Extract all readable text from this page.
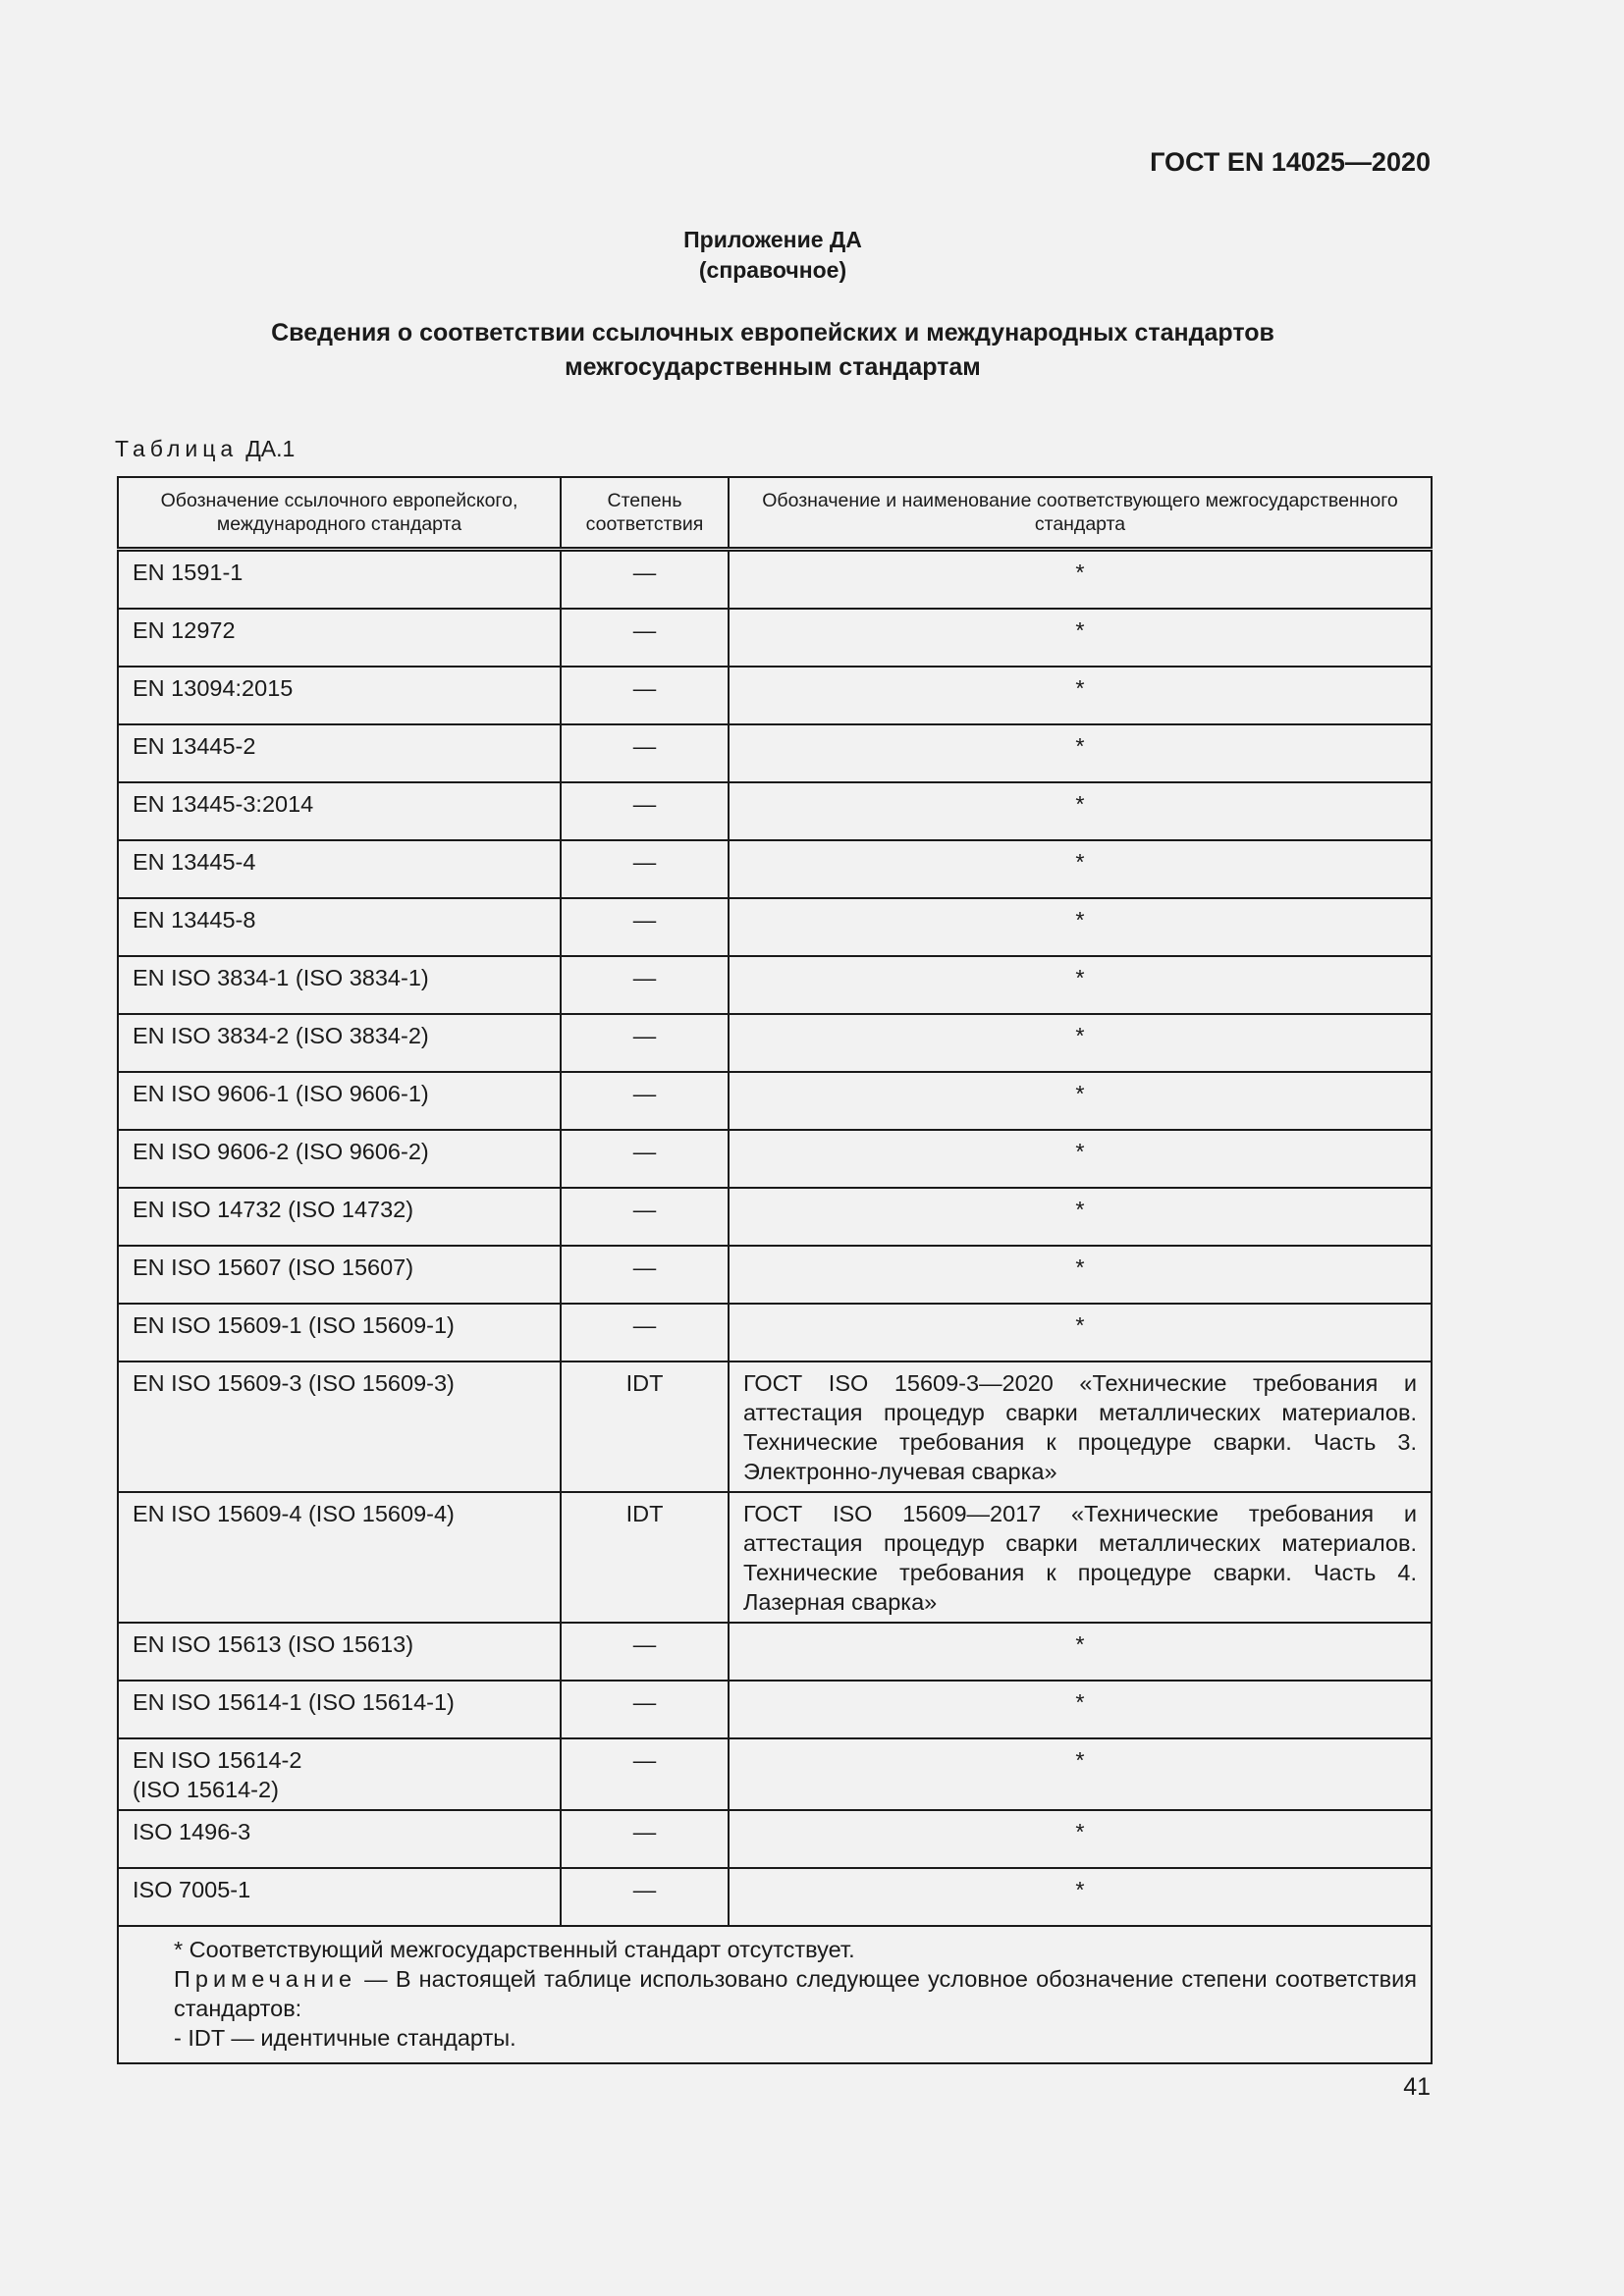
ГОСТ EN 14025—2020
Приложение ДА
(справочное)
Сведения о соответствии ссылочных европейских и международных стандартов
межгосударственным стандартам
Таблица ДА.1
Обозначение ссылочного европейского, международного стандарта	Степень соответствия	Обозначение и наименование соответствующего межгосударственного стандарта

EN 1591-1	—	*

EN 12972	—	*

EN 13094:2015	—	*

EN 13445-2	—	*

EN 13445-3:2014	—	*

EN 13445-4	—	*

EN 13445-8	—	*

EN ISO 3834-1 (ISO 3834-1)	—	*

EN ISO 3834-2 (ISO 3834-2)	—	*

EN ISO 9606-1 (ISO 9606-1)	—	*

EN ISO 9606-2 (ISO 9606-2)	—	*

EN ISO 14732 (ISO 14732)	—	*

EN ISO 15607 (ISO 15607)	—	*

EN ISO 15609-1 (ISO 15609-1)	—	*

EN ISO 15609-3 (ISO 15609-3)	IDT	ГОСТ ISO 15609-3—2020 «Технические требования и аттестация процедур сварки металлических материалов. Технические требования к процедуре сварки. Часть 3. Электронно-лучевая сварка»

EN ISO 15609-4 (ISO 15609-4)	IDT	ГОСТ ISO 15609—2017 «Технические требования и аттестация процедур сварки металлических материалов. Технические требования к процедуре сварки. Часть 4. Лазерная сварка»

EN ISO 15613 (ISO 15613)	—	*

EN ISO 15614-1 (ISO 15614-1)	—	*

EN ISO 15614-2
(ISO 15614-2)	—	*

ISO 1496-3	—	*

ISO 7005-1	—	*

* Соответствующий межгосударственный стандарт отсутствует.

Примечание — В настоящей таблице использовано следующее условное обозначение степени соответствия стандартов:

- IDT — идентичные стандарты.		

41
